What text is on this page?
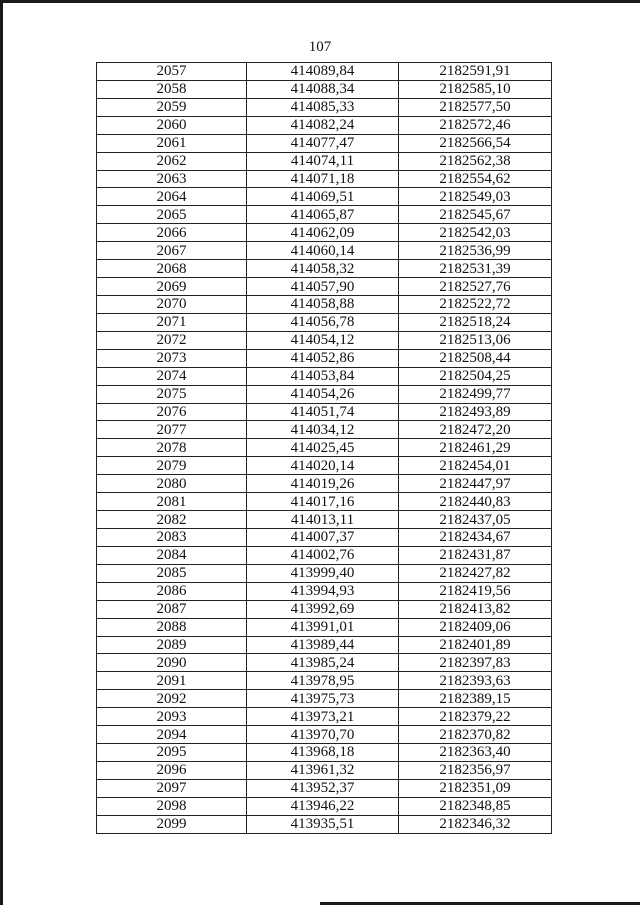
107
2057	414089,84	2182591,91
2058	414088,34	2182585,10
2059	414085,33	2182577,50
2060	414082,24	2182572,46
2061	414077,47	2182566,54
2062	414074,11	2182562,38
2063	414071,18	2182554,62
2064	414069,51	2182549,03
2065	414065,87	2182545,67
2066	414062,09	2182542,03
2067	414060,14	2182536,99
2068	414058,32	2182531,39
2069	414057,90	2182527,76
2070	414058,88	2182522,72
2071	414056,78	2182518,24
2072	414054,12	2182513,06
2073	414052,86	2182508,44
2074	414053,84	2182504,25
2075	414054,26	2182499,77
2076	414051,74	2182493,89
2077	414034,12	2182472,20
2078	414025,45	2182461,29
2079	414020,14	2182454,01
2080	414019,26	2182447,97
2081	414017,16	2182440,83
2082	414013,11	2182437,05
2083	414007,37	2182434,67
2084	414002,76	2182431,87
2085	413999,40	2182427,82
2086	413994,93	2182419,56
2087	413992,69	2182413,82
2088	413991,01	2182409,06
2089	413989,44	2182401,89
2090	413985,24	2182397,83
2091	413978,95	2182393,63
2092	413975,73	2182389,15
2093	413973,21	2182379,22
2094	413970,70	2182370,82
2095	413968,18	2182363,40
2096	413961,32	2182356,97
2097	413952,37	2182351,09
2098	413946,22	2182348,85
2099	413935,51	2182346,32
